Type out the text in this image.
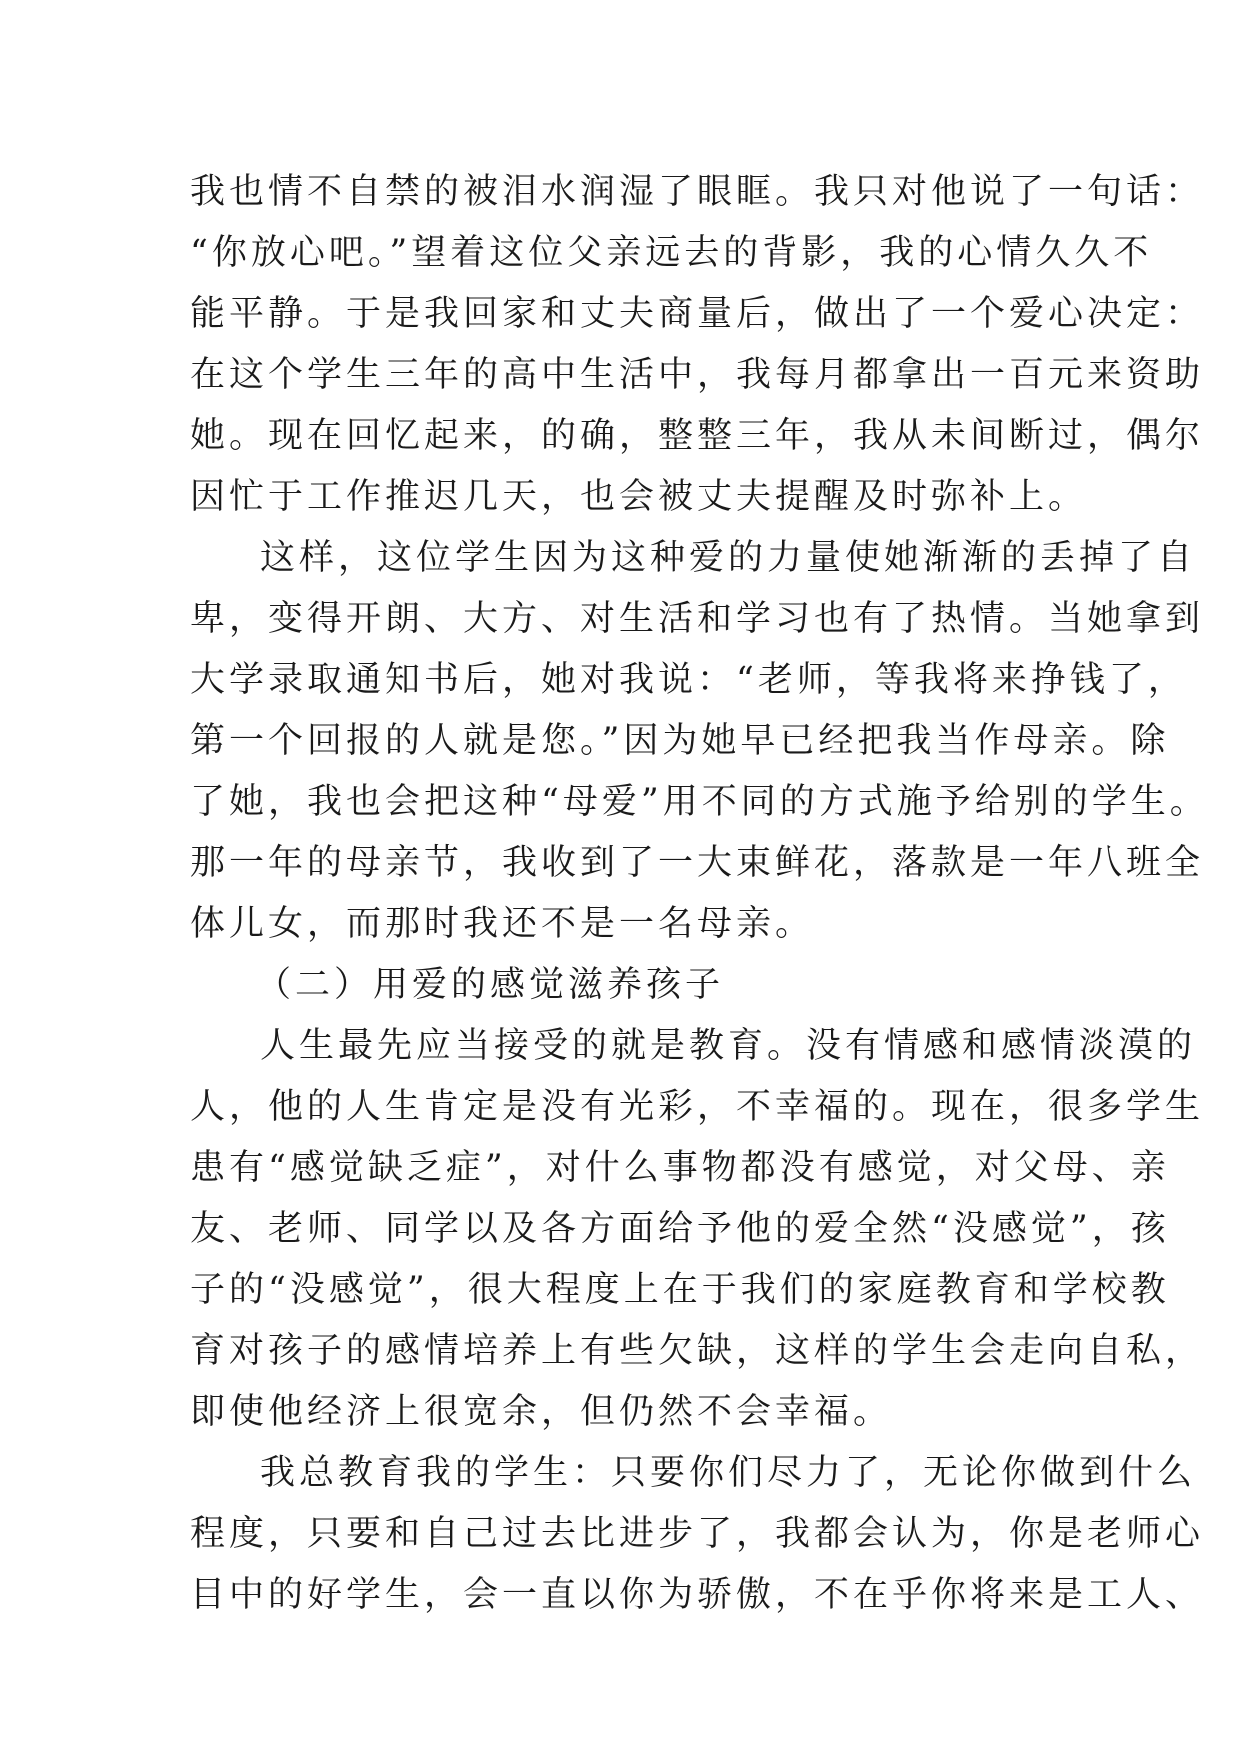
我也情不自禁的被泪水润湿了眼眶。我只对他说了一句话：
“你放心吧。”望着这位父亲远去的背影，我的心情久久不
能平静。于是我回家和丈夫商量后，做出了一个爱心决定：
在这个学生三年的高中生活中，我每月都拿出一百元来资助
她。现在回忆起来，的确，整整三年，我从未间断过，偶尔
因忙于工作推迟几天，也会被丈夫提醒及时弥补上。
这样，这位学生因为这种爱的力量使她渐渐的丢掉了自
卑，变得开朗、大方、对生活和学习也有了热情。当她拿到
大学录取通知书后，她对我说：“老师，等我将来挣钱了，
第一个回报的人就是您。”因为她早已经把我当作母亲。除
了她，我也会把这种“母爱”用不同的方式施予给别的学生。
那一年的母亲节，我收到了一大束鲜花，落款是一年八班全
体儿女，而那时我还不是一名母亲。
（二）用爱的感觉滋养孩子
人生最先应当接受的就是教育。没有情感和感情淡漠的
人，他的人生肯定是没有光彩，不幸福的。现在，很多学生
患有“感觉缺乏症”，对什么事物都没有感觉，对父母、亲
友、老师、同学以及各方面给予他的爱全然“没感觉”，孩
子的“没感觉”，很大程度上在于我们的家庭教育和学校教
育对孩子的感情培养上有些欠缺，这样的学生会走向自私，
即使他经济上很宽余，但仍然不会幸福。
我总教育我的学生：只要你们尽力了，无论你做到什么
程度，只要和自己过去比进步了，我都会认为，你是老师心
目中的好学生，会一直以你为骄傲，不在乎你将来是工人、
